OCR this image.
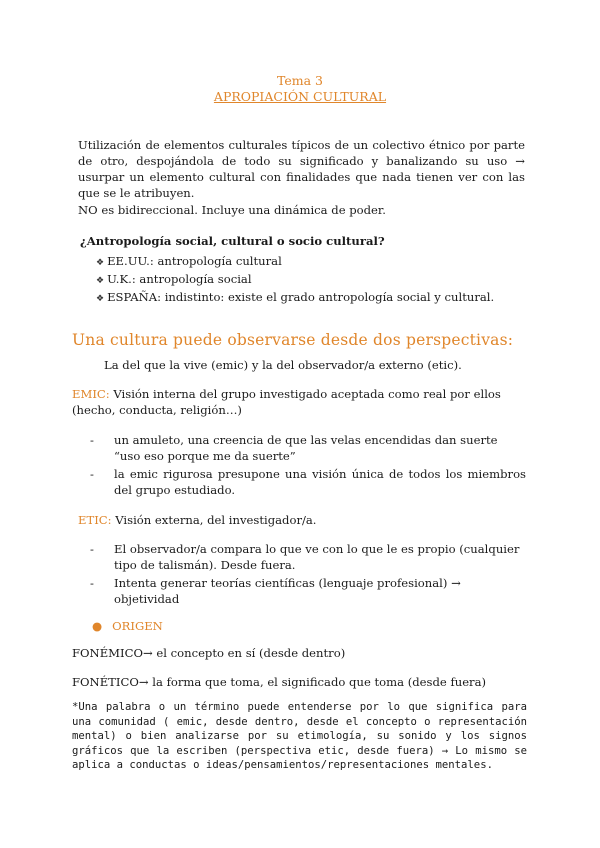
Tema 3
APROPIACIÓN CULTURAL
Utilización de elementos culturales típicos de un colectivo étnico por parte de otro, despojándola de todo su significado y banalizando su uso → usurpar un elemento cultural con finalidades que nada tienen ver con las que se le atribuyen.
NO es bidireccional. Incluye una dinámica de poder.
¿Antropología social, cultural o socio cultural?
❖ EE.UU.: antropología cultural
❖ U.K.: antropología social
❖ ESPAÑA: indistinto: existe el grado antropología social y cultural.
Una cultura puede observarse desde dos perspectivas:
La del que la vive (emic) y la del observador/a externo (etic).
EMIC: Visión interna del grupo investigado aceptada como real por ellos (hecho, conducta, religión…)
- un amuleto, una creencia de que las velas encendidas dan suerte “uso eso porque me da suerte”
- la emic rigurosa presupone una visión única de todos los miembros del grupo estudiado.
ETIC: Visión externa, del investigador/a.
- El observador/a compara lo que ve con lo que le es propio (cualquier tipo de talismán). Desde fuera.
- Intenta generar teorías científicas (lenguaje profesional) → objetividad
● ORIGEN
FONÉMICO→ el concepto en sí (desde dentro)
FONÉTICO→ la forma que toma, el significado que toma (desde fuera)
*Una palabra o un término puede entenderse por lo que significa para una comunidad ( emic, desde dentro, desde el concepto o representación mental) o bien analizarse por su etimología, su sonido y los signos gráficos que la escriben (perspectiva etic, desde fuera) → Lo mismo se aplica a conductas o ideas/pensamientos/representaciones mentales.
